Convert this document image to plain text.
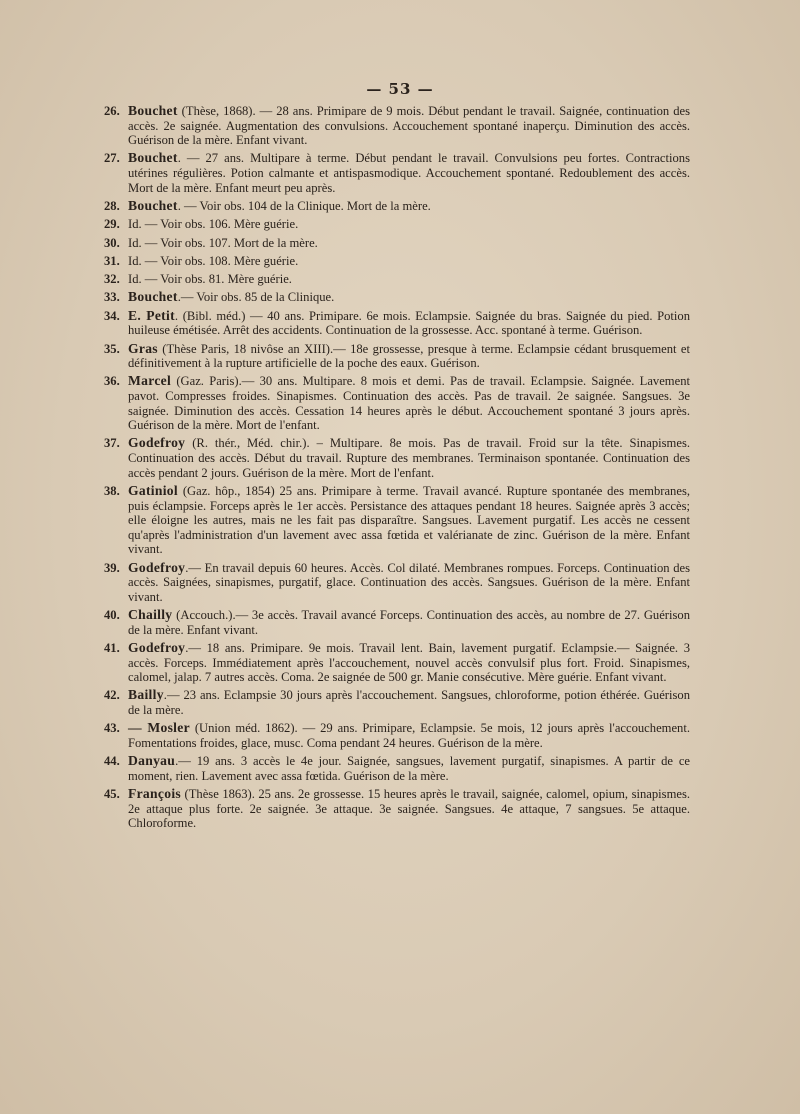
— 53 —
26. Bouchet (Thèse, 1868). — 28 ans. Primipare de 9 mois. Début pendant le travail. Saignée, continuation des accès. 2e saignée. Augmentation des convulsions. Accouchement spontané inaperçu. Diminution des accès. Guérison de la mère. Enfant vivant.
27. Bouchet. — 27 ans. Multipare à terme. Début pendant le travail. Convulsions peu fortes. Contractions utérines régulières. Potion calmante et antispasmodique. Accouchement spontané. Redoublement des accès. Mort de la mère. Enfant meurt peu après.
28. Bouchet. — Voir obs. 104 de la Clinique. Mort de la mère.
29. Id. — Voir obs. 106. Mère guérie.
30. Id. — Voir obs. 107. Mort de la mère.
31. Id. — Voir obs. 108. Mère guérie.
32. Id. — Voir obs. 81. Mère guérie.
33. Bouchet.— Voir obs. 85 de la Clinique.
34. E. Petit. (Bibl. méd.) — 40 ans. Primipare. 6e mois. Eclampsie. Saignée du bras. Saignée du pied. Potion huileuse émétisée. Arrêt des accidents. Continuation de la grossesse. Acc. spontané à terme. Guérison.
35. Gras (Thèse Paris, 18 nivôse an XIII).— 18e grossesse, presque à terme. Eclampsie cédant brusquement et définitivement à la rupture artificielle de la poche des eaux. Guérison.
36. Marcel (Gaz. Paris).— 30 ans. Multipare. 8 mois et demi. Pas de travail. Eclampsie. Saignée. Lavement pavot. Compresses froides. Sinapismes. Continuation des accès. Pas de travail. 2e saignée. Sangsues. 3e saignée. Diminution des accès. Cessation 14 heures après le début. Accouchement spontané 3 jours après. Guérison de la mère. Mort de l'enfant.
37. Godefroy (R. thér., Méd. chir.). – Multipare. 8e mois. Pas de travail. Froid sur la tête. Sinapismes. Continuation des accès. Début du travail. Rupture des membranes. Terminaison spontanée. Continuation des accès pendant 2 jours. Guérison de la mère. Mort de l'enfant.
38. Gatiniol (Gaz. hôp., 1854) 25 ans. Primipare à terme. Travail avancé. Rupture spontanée des membranes, puis éclampsie. Forceps après le 1er accès. Persistance des attaques pendant 18 heures. Saignée après 3 accès; elle éloigne les autres, mais ne les fait pas disparaître. Sangsues. Lavement purgatif. Les accès ne cessent qu'après l'administration d'un lavement avec assa fœtida et valérianate de zinc. Guérison de la mère. Enfant vivant.
39. Godefroy.— En travail depuis 60 heures. Accès. Col dilaté. Membranes rompues. Forceps. Continuation des accès. Saignées, sinapismes, purgatif, glace. Continuation des accès. Sangsues. Guérison de la mère. Enfant vivant.
40. Chailly (Accouch.).— 3e accès. Travail avancé Forceps. Continuation des accès, au nombre de 27. Guérison de la mère. Enfant vivant.
41. Godefroy.— 18 ans. Primipare. 9e mois. Travail lent. Bain, lavement purgatif. Eclampsie.— Saignée. 3 accès. Forceps. Immédiatement après l'accouchement, nouvel accès convulsif plus fort. Froid. Sinapismes, calomel, jalap. 7 autres accès. Coma. 2e saignée de 500 gr. Manie consécutive. Mère guérie. Enfant vivant.
42. Bailly.— 23 ans. Eclampsie 30 jours après l'accouchement. Sangsues, chloroforme, potion éthérée. Guérison de la mère.
43. — Mosler (Union méd. 1862). — 29 ans. Primipare, Eclampsie. 5e mois, 12 jours après l'accouchement. Fomentations froides, glace, musc. Coma pendant 24 heures. Guérison de la mère.
44. Danyau.— 19 ans. 3 accès le 4e jour. Saignée, sangsues, lavement purgatif, sinapismes. A partir de ce moment, rien. Lavement avec assa fœtida. Guérison de la mère.
45. François (Thèse 1863). 25 ans. 2e grossesse. 15 heures après le travail, saignée, calomel, opium, sinapismes. 2e attaque plus forte. 2e saignée. 3e attaque. 3e saignée. Sangsues. 4e attaque, 7 sangsues. 5e attaque. Chloroforme.
